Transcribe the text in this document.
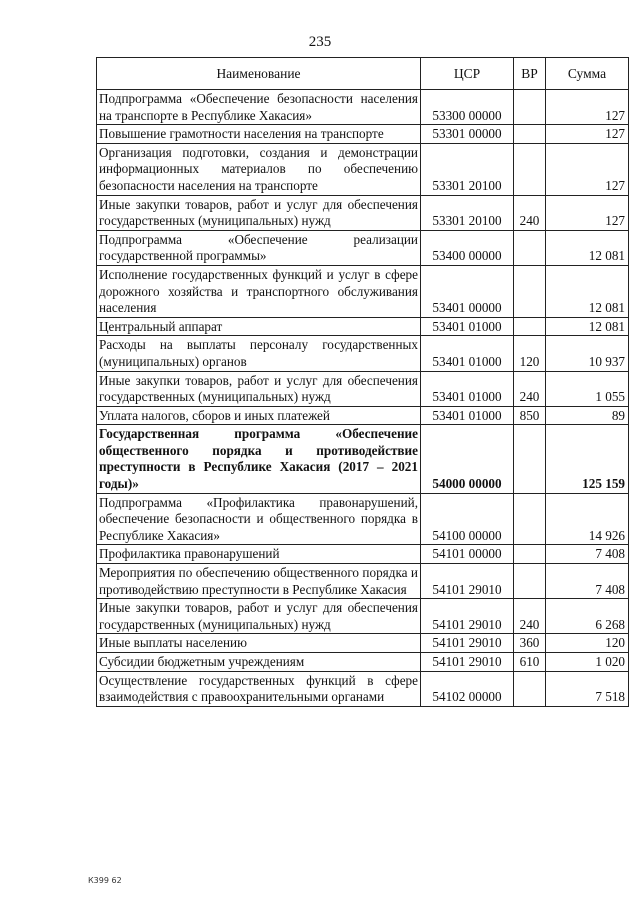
235
Наименование	ЦСР	ВР	Сумма
Подпрограмма «Обеспечение безопасности населения на транспорте в Республике Хакасия»	53300 00000		127
Повышение грамотности населения на транспорте	53301 00000		127
Организация подготовки, создания и демонстрации информационных материалов по обеспечению безопасности населения на транспорте	53301 20100		127
Иные закупки товаров, работ и услуг для обеспечения государственных (муниципальных) нужд	53301 20100	240	127
Подпрограмма «Обеспечение реализации государственной программы»	53400 00000		12 081
Исполнение государственных функций и услуг в сфере дорожного хозяйства и транспортного обслуживания населения	53401 00000		12 081
Центральный аппарат	53401 01000		12 081
Расходы на выплаты персоналу государственных (муниципальных) органов	53401 01000	120	10 937
Иные закупки товаров, работ и услуг для обеспечения государственных (муниципальных) нужд	53401 01000	240	1 055
Уплата налогов, сборов и иных платежей	53401 01000	850	89
Государственная программа «Обеспечение общественного порядка и противодействие преступности в Республике Хакасия (2017 – 2021 годы)»	54000 00000		125 159
Подпрограмма «Профилактика правонарушений, обеспечение безопасности и общественного порядка в Республике Хакасия»	54100 00000		14 926
Профилактика правонарушений	54101 00000		7 408
Мероприятия по обеспечению общественного порядка и противодействию преступности в Республике Хакасия	54101 29010		7 408
Иные закупки товаров, работ и услуг для обеспечения государственных (муниципальных) нужд	54101 29010	240	6 268
Иные выплаты населению	54101 29010	360	120
Субсидии бюджетным учреждениям	54101 29010	610	1 020
Осуществление государственных функций в сфере взаимодействия с правоохранительными органами	54102 00000		7 518
К399 62
